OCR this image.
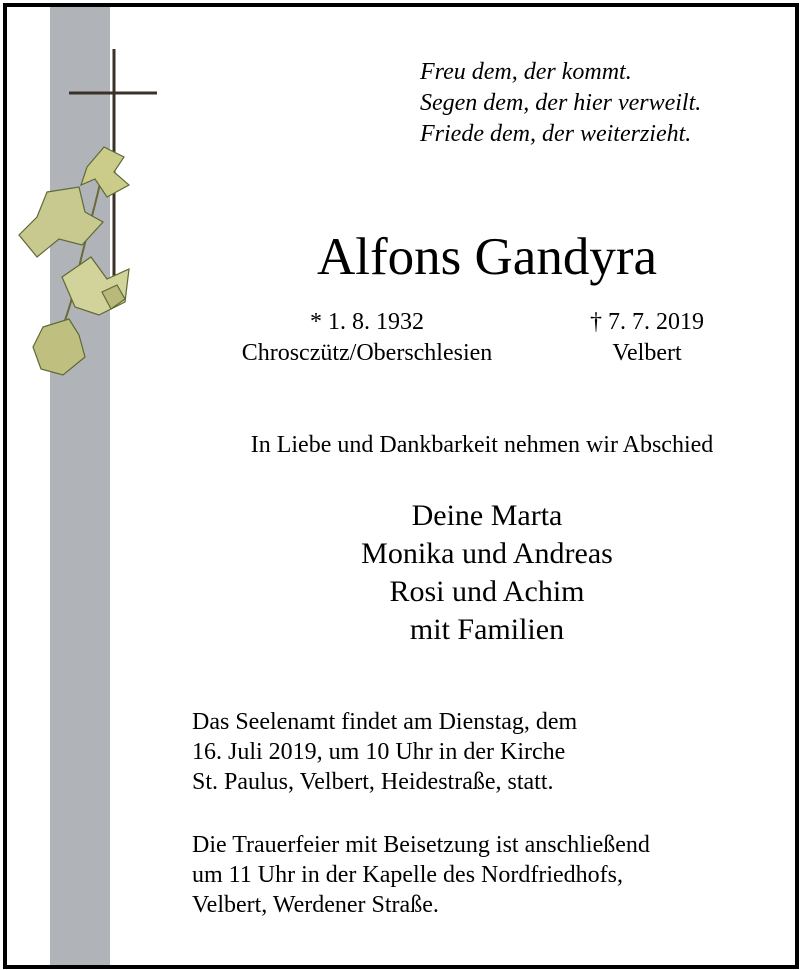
Freu dem, der kommt.
Segen dem, der hier verweilt.
Friede dem, der weiterzieht.
Alfons Gandyra
* 1. 8. 1932
Chrosczütz/Oberschlesien
† 7. 7. 2019
Velbert
In Liebe und Dankbarkeit nehmen wir Abschied
Deine Marta
Monika und Andreas
Rosi und Achim
mit Familien
Das Seelenamt findet am Dienstag, dem
16. Juli 2019, um 10 Uhr in der Kirche
St. Paulus, Velbert, Heidestraße, statt.
Die Trauerfeier mit Beisetzung ist anschließend
um 11 Uhr in der Kapelle des Nordfriedhofs,
Velbert, Werdener Straße.
